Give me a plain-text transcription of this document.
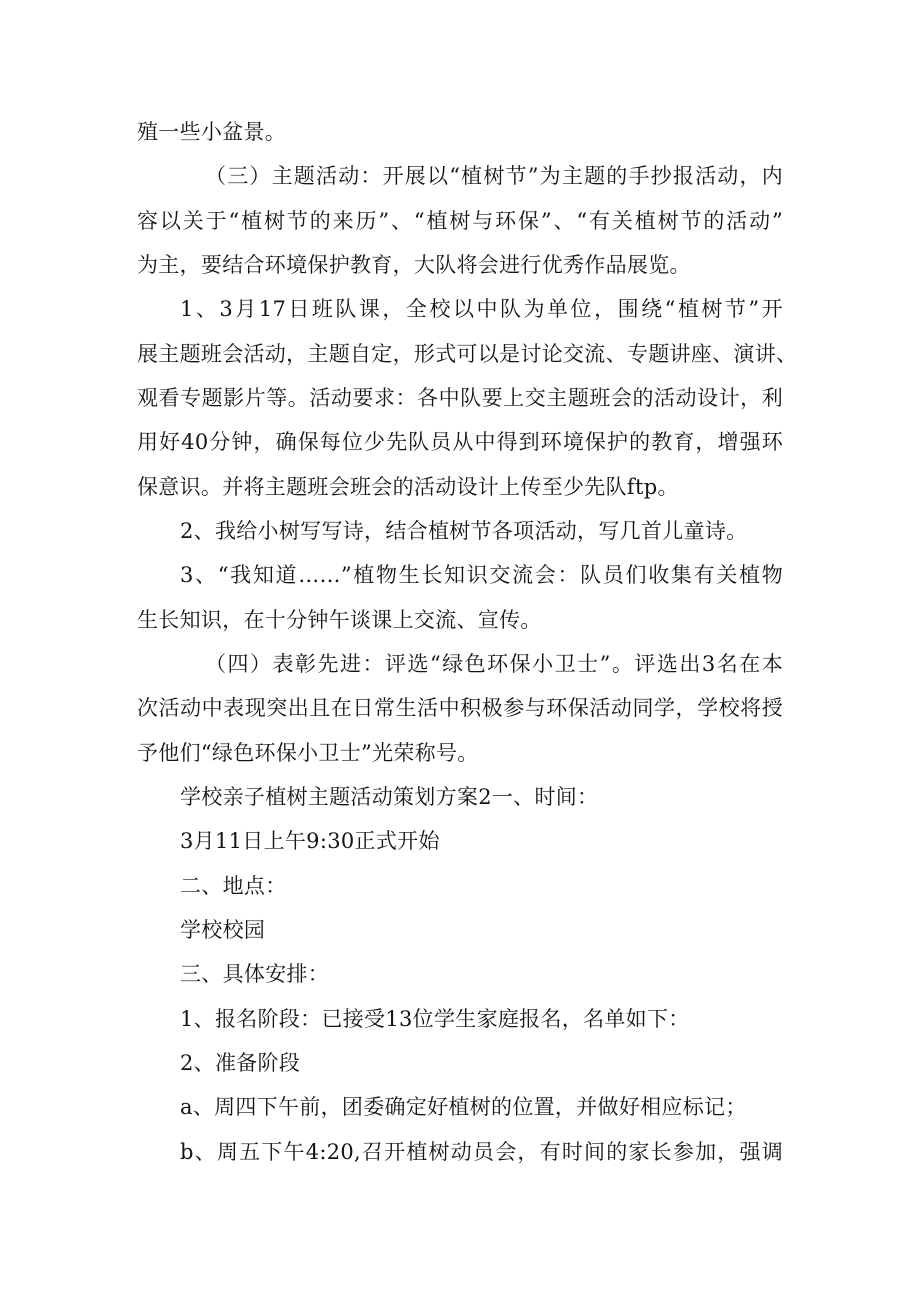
殖一些小盆景。
（三）主题活动：开展以“植树节”为主题的手抄报活动，内
容以关于“植树节的来历”、“植树与环保”、“有关植树节的活动”
为主，要结合环境保护教育，大队将会进行优秀作品展览。
1、3月17日班队课，全校以中队为单位，围绕“植树节”开
展主题班会活动，主题自定，形式可以是讨论交流、专题讲座、演讲、
观看专题影片等。活动要求：各中队要上交主题班会的活动设计，利
用好40分钟，确保每位少先队员从中得到环境保护的教育，增强环
保意识。并将主题班会班会的活动设计上传至少先队ftp。
2、我给小树写写诗，结合植树节各项活动，写几首儿童诗。
3、“我知道……”植物生长知识交流会：队员们收集有关植物
生长知识，在十分钟午谈课上交流、宣传。
（四）表彰先进：评选“绿色环保小卫士”。评选出3名在本
次活动中表现突出且在日常生活中积极参与环保活动同学，学校将授
予他们“绿色环保小卫士”光荣称号。
学校亲子植树主题活动策划方案2一、时间：
3月11日上午9:30正式开始
二、地点：
学校校园
三、具体安排：
1、报名阶段：已接受13位学生家庭报名，名单如下：
2、准备阶段
a、周四下午前，团委确定好植树的位置，并做好相应标记；
b、周五下午4:20,召开植树动员会，有时间的家长参加，强调
